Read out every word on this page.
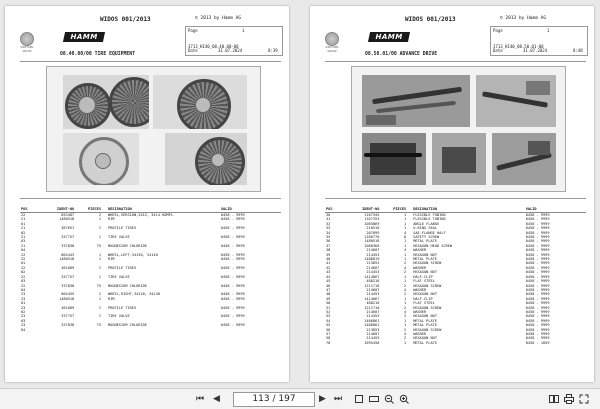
WIRTGEN GROUP
WIDOS 001/2013	© 2013 by Hamm AG
HAMM
08.40.00/00 TIRE EQUIPMENT
Page	1
3713_HI40_08.40.00-00
Date	31.07.2024	8:39
POS	IDENT-NO	PIECES	DESIGNATION	VALID
22	853487	2	WHEEL,VERSION,3412, 3414 KOMPL.	0458 - 9999
21	1480518	1	RIM	0458 - 9999
01				
21	387651	1	PROFILE TIRES	0458 - 9999
02				
21	337757	1	TIRE VALVE	0458 - 9999
03				
21	337838	75	MAGNESIUM CHLORIDE	0458 - 9999
04				
22	864443	1	WHEEL,LEFT,34130, 34140	0458 - 9999
22	1480518	1	RIM	0458 - 9999
01				
22	361089	1	PROFILE TIRES	0458 - 9999
02				
22	337757	1	TIRE VALVE	0458 - 9999
03				
22	337838	75	MAGNESIUM CHLORIDE	0458 - 9999
04				
23	864455	2	WHEEL,RIGHT,34120, 34140	0458 - 9999
23	1480518	1	RIM	0458 - 9999
01				
23	361089	1	PROFILE TIRES	0458 - 9999
02				
23	337757	1	TIRE VALVE	0458 - 9999
03				
23	337838	75	MAGNESIUM CHLORIDE	0458 - 9999
04				
WIRTGEN GROUP
WIDOS 001/2013	© 2013 by Hamm AG
HAMM
08.50.01/00 ADVANCE DRIVE
Page	1
3713_HI40_08.50.01-00
Date	31.07.2024	8:48
POS	IDENT-NO	PIECES	DESIGNATION	VALID
30	1167345	1	FLEXIBLE TUBING	0458 - 9999
31	1167353	1	FLEXIBLE TUBING	0458 - 9999
32	1085869	1	ANGLE FLANGE	0458 - 9999
33	218516	1	O-RING SEAL	0458 - 9999
34	287099	4	SAE-FLANGE HALF	0458 - 9999
35	1166776	8	SAFETY SCREW	0458 - 9999
36	1480518	1	METAL PLATE	0458 - 9999
37	1080360	1	HEXAGON HEAD SCREW	0458 - 9999
38	214607	4	WASHER	0458 - 9999
39	214453	1	HEXAGON NUT	0458 - 9999
40	1486819	1	METAL PLATE	0458 - 9999
41	213853	2	HEXAGON SCREW	0458 - 9999
42	214607	4	WASHER	0458 - 9999
43	214453	2	HEXAGON NUT	0458 - 9999
44	1414667	1	HALF-CLIP	0458 - 9999
45	488216	1	FLAT STEEL	0458 - 9999
46	1211710	2	HEXAGON SCREW	0458 - 9999
47	214607	4	WASHER	0458 - 9999
48	214453	2	HEXAGON NUT	0458 - 9999
49	1414667	1	HALF-CLIP	0458 - 9999
50	488216	1	FLAT STEEL	0458 - 9999
51	1211710	2	HEXAGON SCREW	0458 - 9999
52	214607	4	WASHER	0458 - 9999
53	214453	2	HEXAGON NUT	0458 - 9999
54	1486861	1	METAL PLATE	0458 - 9999
55	1486861	1	METAL PLATE	0458 - 9999
56	213853	2	HEXAGON SCREW	0458 - 9999
57	214607	4	WASHER	0458 - 9999
58	214453	2	HEXAGON NUT	0458 - 9999
70	1695458	1	METAL PLATE	0458 - 1859
⏮ ◀	113 / 197	▶ ⏭
